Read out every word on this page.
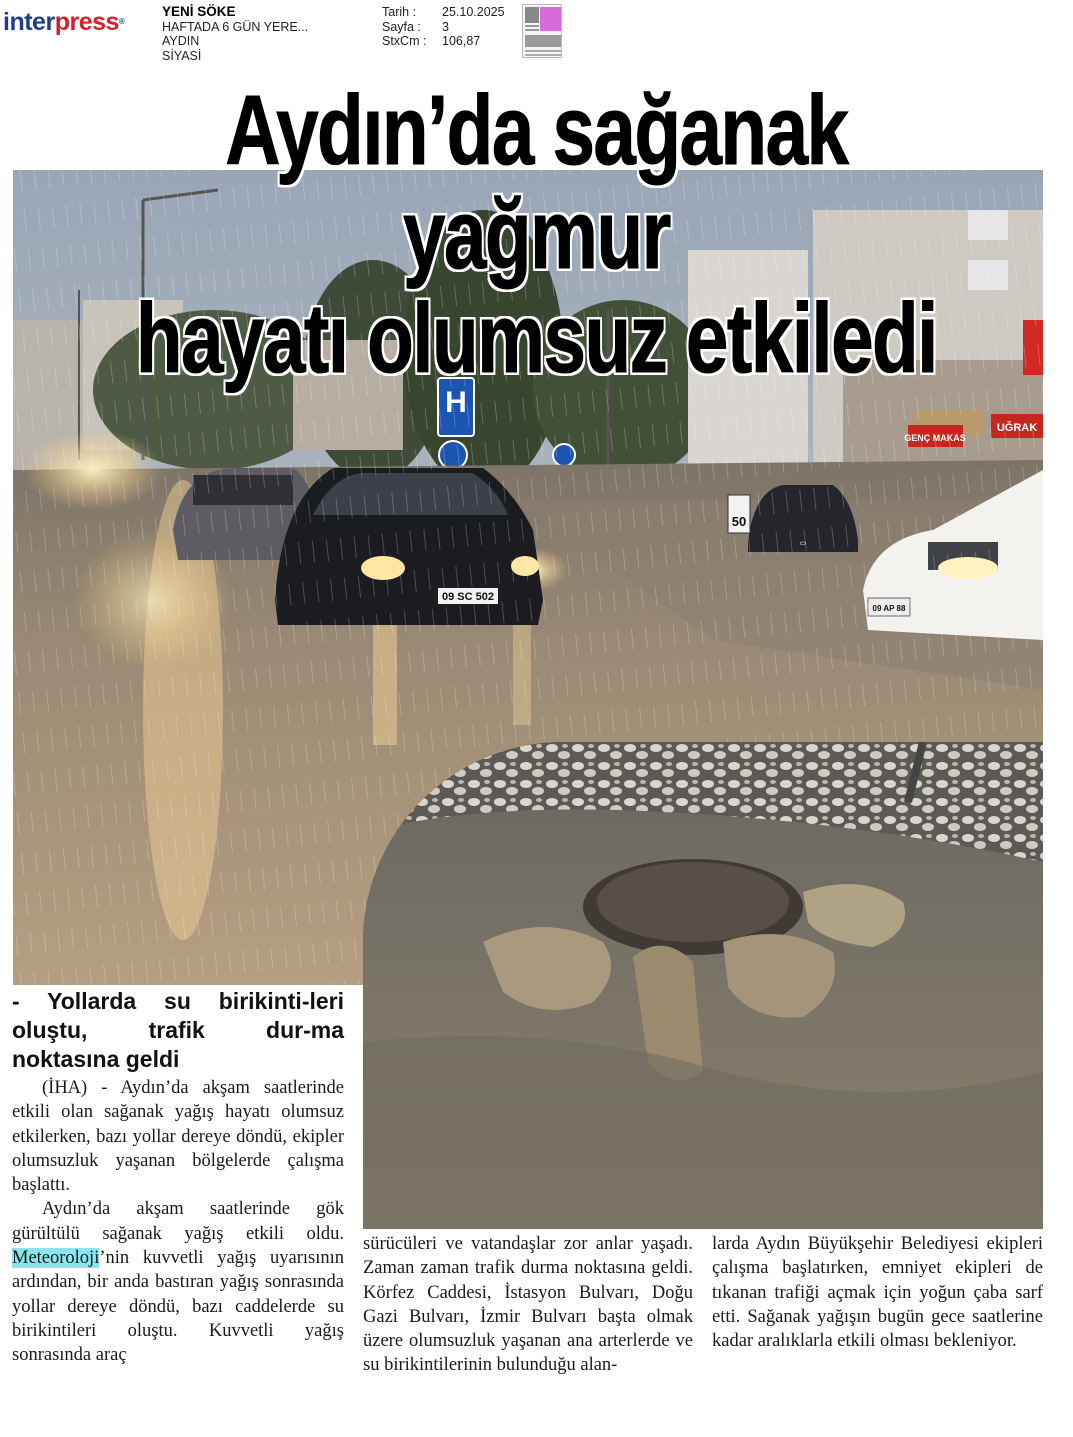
interpress®
YENİ SÖKE
HAFTADA 6 GÜN YERE...
AYDIN
SİYASİ
Tarih :	25.10.2025
Sayfa :	3
StxCm :	106,87
Aydın’da sağanak yağmur
hayatı olumsuz etkiledi
- Yollarda su birikinti-leri oluştu, trafik dur-ma noktasına geldi

(İHA) - Aydın’da akşam saatlerinde etkili olan sağanak yağış hayatı olumsuz etkilerken, bazı yollar dereye döndü, ekipler olumsuzluk yaşanan bölgelerde çalışma başlattı.

Aydın’da akşam saatlerinde gök gürültülü sağanak yağış etkili oldu. Meteoroloji’nin kuvvetli yağış uyarısının ardından, bir anda bastıran yağış sonrasında yollar dereye döndü, bazı caddelerde su birikintileri oluştu. Kuvvetli yağış sonrasında araç

sürücüleri ve vatandaşlar zor anlar yaşadı. Zaman zaman trafik durma noktasına geldi. Körfez Caddesi, İstasyon Bulvarı, Doğu Gazi Bulvarı, İzmir Bulvarı başta olmak üzere olumsuzluk yaşanan ana arterlerde ve su birikintilerinin bulunduğu alan-

larda Aydın Büyükşehir Belediyesi ekipleri çalışma başlatırken, emniyet ekipleri de tıkanan trafiği açmak için yoğun çaba sarf etti. Sağanak yağışın bugün gece saatlerine kadar aralıklarla etkili olması bekleniyor.
